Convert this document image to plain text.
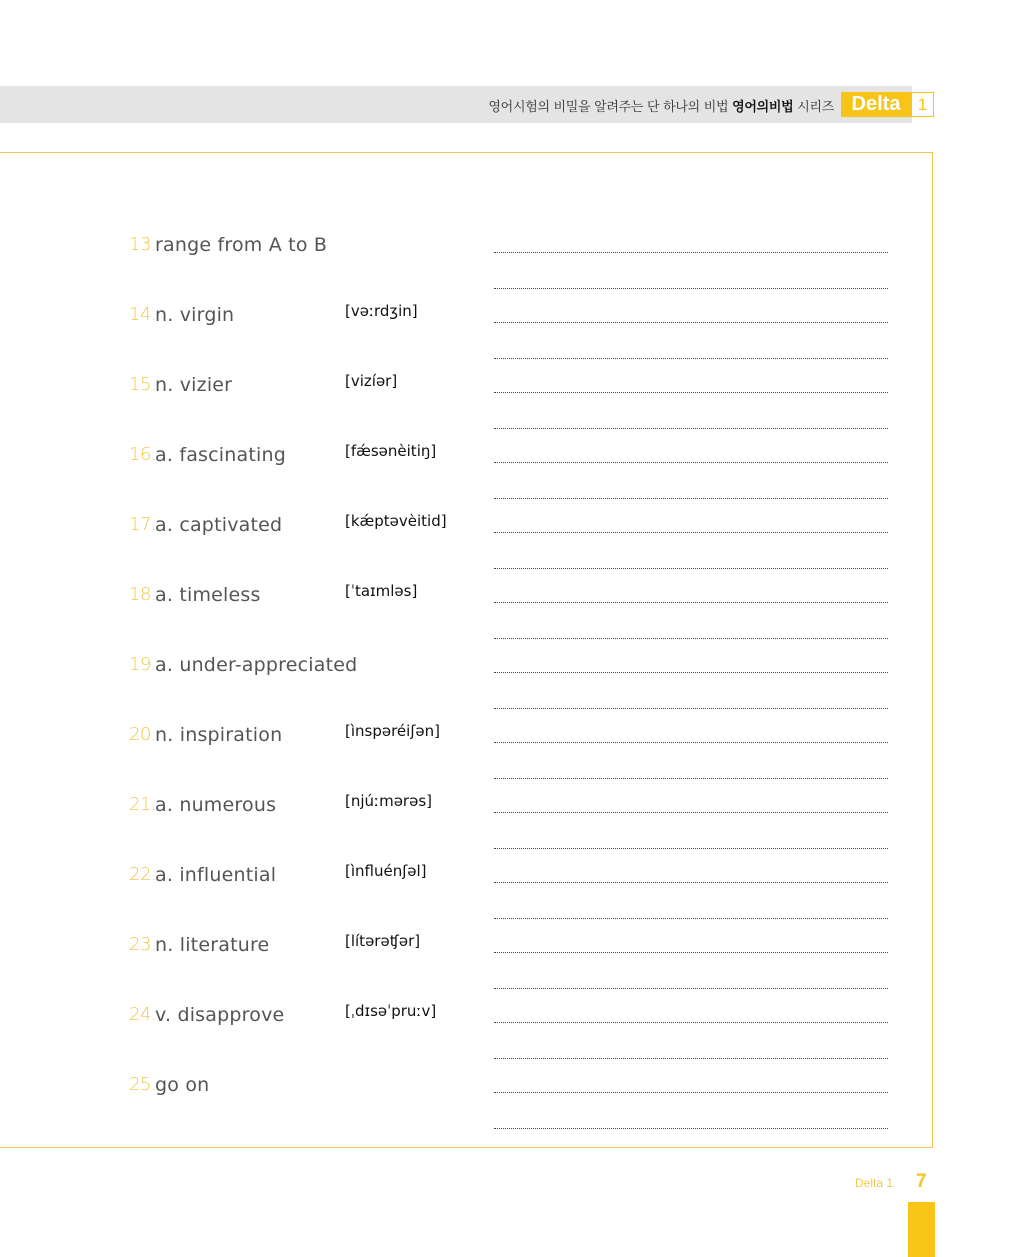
영어시험의 비밀을 알려주는 단 하나의 비법 영어의비법 시리즈 Delta	1
13.
range from A to B
14.
n. virgin	[vəːrdʒin]
15.
n. vizier	[vizíər]
16.
a. fascinating	[fǽsənèitiŋ]
17.
a. captivated	[kǽptəvèitid]
18.
a. timeless	[ˈtaɪmləs]
19.
a. under-appreciated
20.
n. inspiration	[ìnspəréiʃən]
21.
a. numerous	[njúːmərəs]
22.
a. influential	[ìnfluénʃəl]
23.
n. literature	[lítərəʧər]
24.
v. disapprove	[ˌdɪsəˈpruːv]
25.
go on
Delta 1 7
